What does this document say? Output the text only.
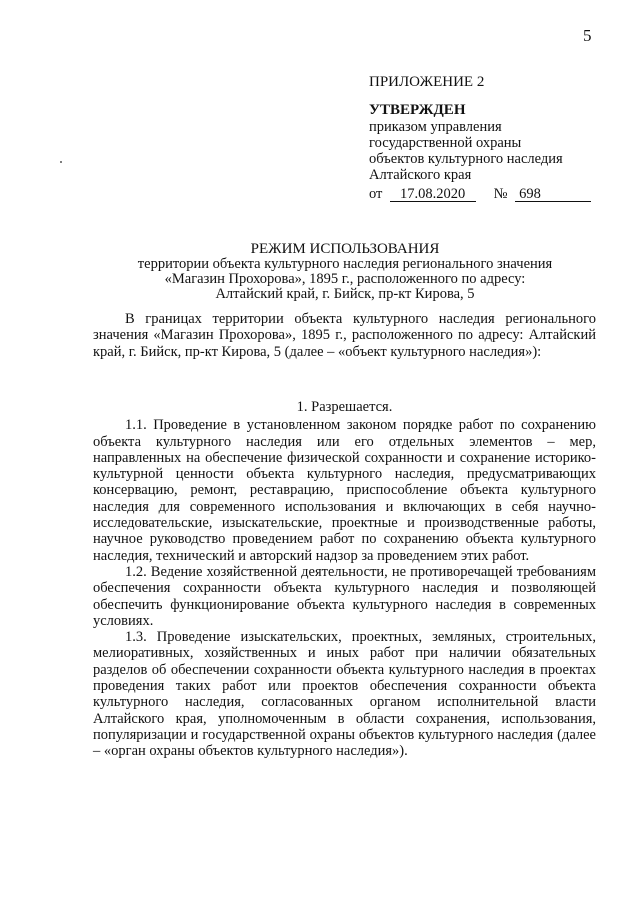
5
ПРИЛОЖЕНИЕ 2
УТВЕРЖДЕН
приказом управления
государственной охраны
объектов культурного наследия
Алтайского края
от 17.08.2020 № 698
РЕЖИМ ИСПОЛЬЗОВАНИЯ
территории объекта культурного наследия регионального значения
«Магазин Прохорова», 1895 г., расположенного по адресу:
Алтайский край, г. Бийск, пр-кт Кирова, 5

В границах территории объекта культурного наследия регионального значения «Магазин Прохорова», 1895 г., расположенного по адресу: Алтайский край, г. Бийск, пр-кт Кирова, 5 (далее – «объект культурного наследия»):

1. Разрешается.

1.1. Проведение в установленном законом порядке работ по сохранению объекта культурного наследия или его отдельных элементов – мер, направленных на обеспечение физической сохранности и сохранение историко-культурной ценности объекта культурного наследия, предусматривающих консервацию, ремонт, реставрацию, приспособление объекта культурного наследия для современного использования и включающих в себя научно-исследовательские, изыскательские, проектные и производственные работы, научное руководство проведением работ по сохранению объекта культурного наследия, технический и авторский надзор за проведением этих работ.

1.2. Ведение хозяйственной деятельности, не противоречащей требованиям обеспечения сохранности объекта культурного наследия и позволяющей обеспечить функционирование объекта культурного наследия в современных условиях.

1.3. Проведение изыскательских, проектных, земляных, строительных, мелиоративных, хозяйственных и иных работ при наличии обязательных разделов об обеспечении сохранности объекта культурного наследия в проектах проведения таких работ или проектов обеспечения сохранности объекта культурного наследия, согласованных органом исполнительной власти Алтайского края, уполномоченным в области сохранения, использования, популяризации и государственной охраны объектов культурного наследия (далее – «орган охраны объектов культурного наследия»).
